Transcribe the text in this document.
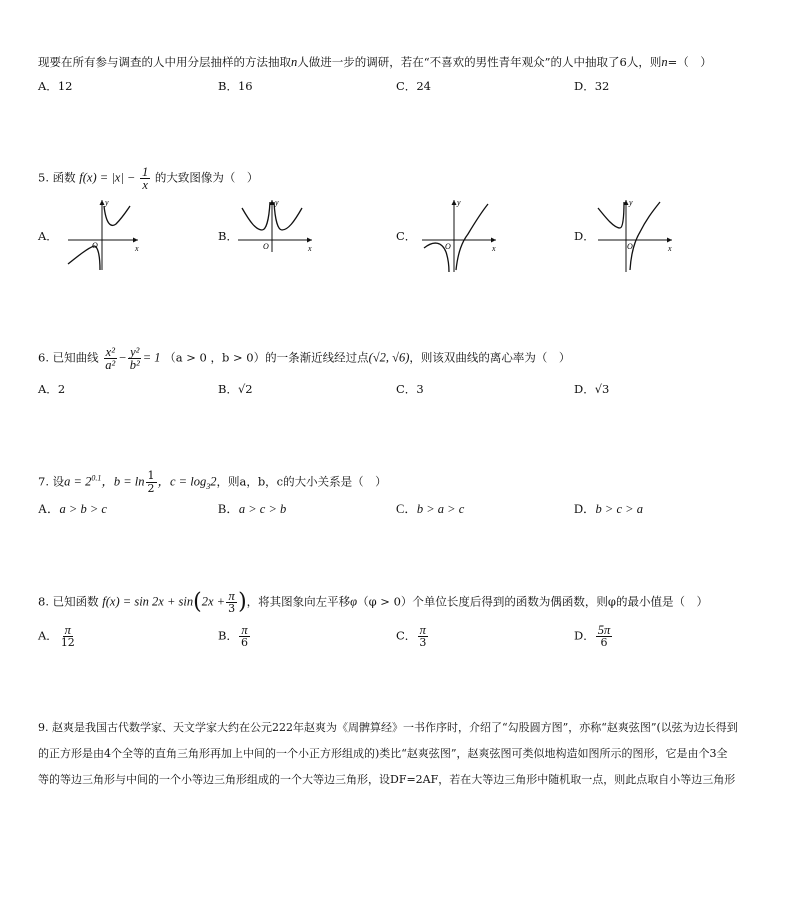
现要在所有参与调查的人中用分层抽样的方法抽取n人做进一步的调研，若在“不喜欢的男性青年观众”的人中抽取了6人，则n=（　）
A．12	B．16	C．24	D．32
5. 函数 $f(x) = |x| - \frac{1}{x}$ 的大致图像为（　）
A．	B．	C．	D．
x
y
O	x
y
O	x
y
O	x
y
O
6. 已知曲线 $\frac{\text{x²}}{\text{a²}} - \frac{\text{y²}}{\text{b²}} = 1$ （a > 0 ，b > 0）的一条渐近线经过点(√2, √6)，则该双曲线的离心率为（　）
A．2	B．√2	C．3	D．√3
7. 设$a = 2^{0.1}$，$b = \ln \frac{1}{2}$ ，$c = \log_32$，则a，b，c的大小关系是（　）
A．a > b > c	B．a > c > b	C．b > a > c	D．b > c > a
8. 已知函数 $f(x) = \sin 2x + \sin(2x + \frac{\pi}{3}$ )，将其图象向左平移φ（φ > 0）个单位长度后得到的函数为偶函数，则φ的最小值是（　）
A． $\frac{\pi}{12}$	B． $\frac{\pi}{6}$	C． $\frac{\pi}{3}$	D． $\frac{5\pi}{6}$
9. 赵爽是我国古代数学家、天文学家大约在公元222年赵爽为《周髀算经》一书作序时，介绍了“勾股圆方图”，亦称“赵爽弦图”(以弦为边长得到
的正方形是由4个全等的直角三角形再加上中间的一个小正方形组成的)类比“赵爽弦图”，赵爽弦图可类似地构造如图所示的图形，它是由个3全
等的等边三角形与中间的一个小等边三角形组成的一个大等边三角形，设DF=2AF，若在大等边三角形中随机取一点，则此点取自小等边三角形
